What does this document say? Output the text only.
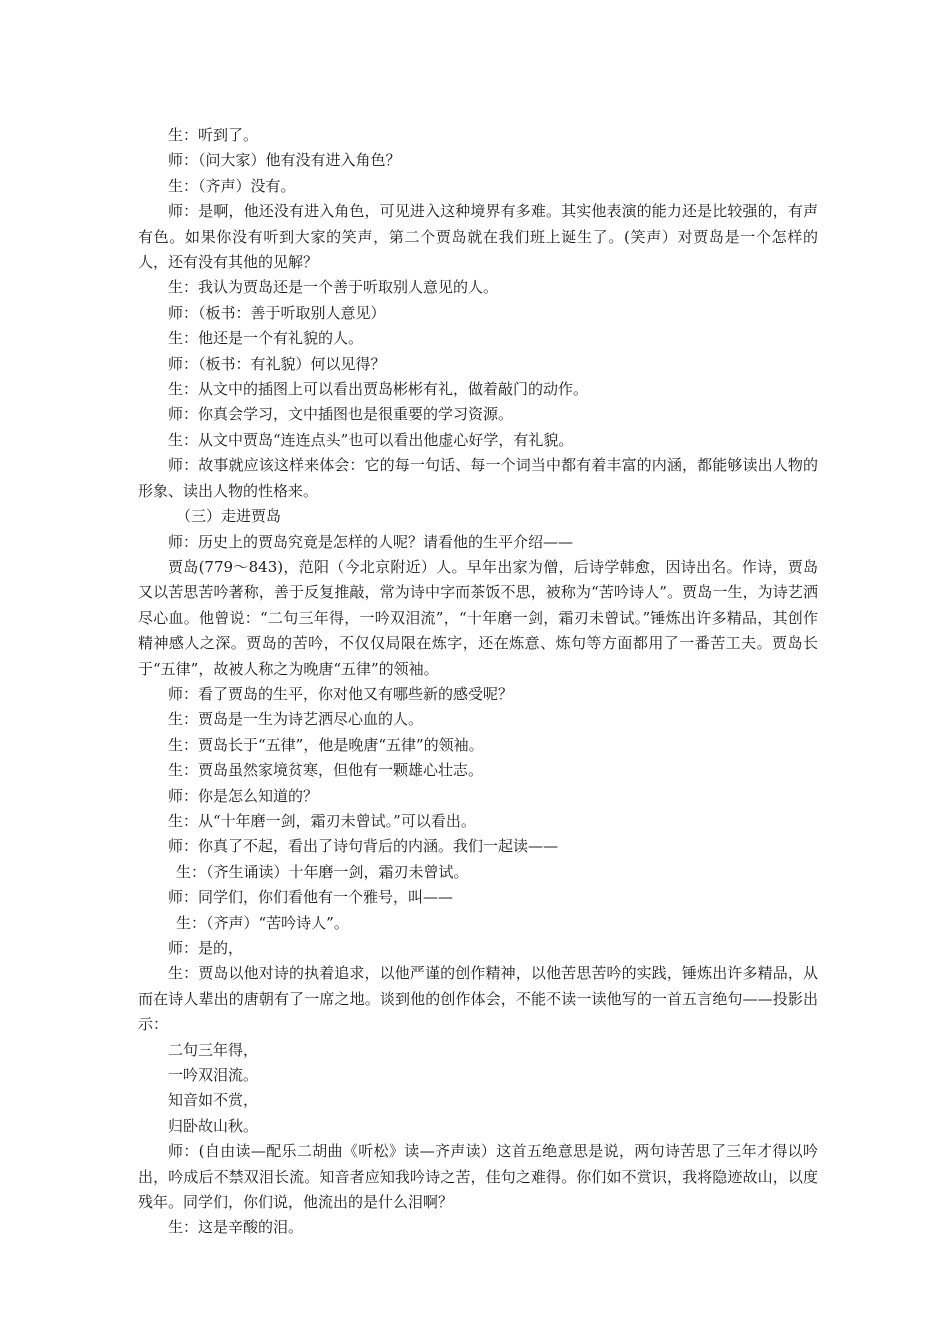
生：听到了。

师：（问大家）他有没有进入角色？

生：（齐声）没有。

师：是啊，他还没有进入角色，可见进入这种境界有多难。其实他表演的能力还是比较强的，有声有色。如果你没有听到大家的笑声，第二个贾岛就在我们班上诞生了。(笑声）对贾岛是一个怎样的人，还有没有其他的见解？

生：我认为贾岛还是一个善于听取别人意见的人。

师：（板书：善于听取别人意见）

生：他还是一个有礼貌的人。

师：（板书：有礼貌）何以见得？

生：从文中的插图上可以看出贾岛彬彬有礼，做着敲门的动作。

师：你真会学习，文中插图也是很重要的学习资源。

生：从文中贾岛“连连点头”也可以看出他虚心好学，有礼貌。

师：故事就应该这样来体会：它的每一句话、每一个词当中都有着丰富的内涵，都能够读出人物的形象、读出人物的性格来。

（三）走进贾岛

师：历史上的贾岛究竟是怎样的人呢？请看他的生平介绍——

贾岛(779～843)，范阳（今北京附近）人。早年出家为僧，后诗学韩愈，因诗出名。作诗，贾岛又以苦思苦吟著称，善于反复推敲，常为诗中字而茶饭不思，被称为“苦吟诗人”。贾岛一生，为诗艺洒尽心血。他曾说：“二句三年得，一吟双泪流”，“十年磨一剑，霜刃未曾试。”锤炼出许多精品，其创作精神感人之深。贾岛的苦吟，不仅仅局限在炼字，还在炼意、炼句等方面都用了一番苦工夫。贾岛长于“五律”，故被人称之为晚唐“五律”的领袖。

师：看了贾岛的生平，你对他又有哪些新的感受呢？

生：贾岛是一生为诗艺洒尽心血的人。

生：贾岛长于“五律”，他是晚唐“五律”的领袖。

生：贾岛虽然家境贫寒，但他有一颗雄心壮志。

师：你是怎么知道的？

生：从“十年磨一剑，霜刃未曾试。”可以看出。

师：你真了不起，看出了诗句背后的内涵。我们一起读——

生：（齐生诵读）十年磨一剑，霜刃未曾试。

师：同学们，你们看他有一个雅号，叫——

生：（齐声）“苦吟诗人”。

师：是的，

生：贾岛以他对诗的执着追求，以他严谨的创作精神，以他苦思苦吟的实践，锤炼出许多精品，从而在诗人辈出的唐朝有了一席之地。谈到他的创作体会，不能不读一读他写的一首五言绝句——投影出示：

二句三年得，

一吟双泪流。

知音如不赏，

归卧故山秋。

师：(自由读—配乐二胡曲《听松》读—齐声读）这首五绝意思是说，两句诗苦思了三年才得以吟出，吟成后不禁双泪长流。知音者应知我吟诗之苦，佳句之难得。你们如不赏识，我将隐迹故山，以度残年。同学们，你们说，他流出的是什么泪啊？

生：这是辛酸的泪。
